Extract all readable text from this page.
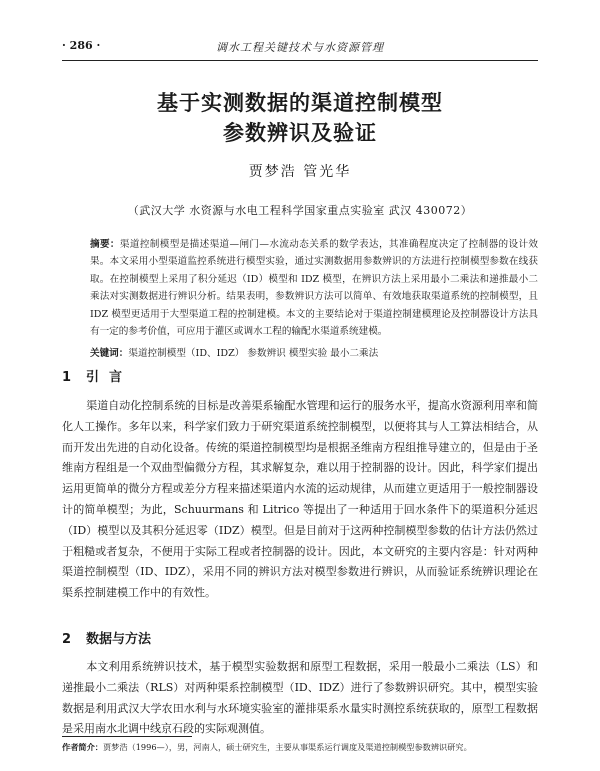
· 286 ·	调水工程关键技术与水资源管理
基于实测数据的渠道控制模型
参数辨识及验证
贾梦浩 管光华
（武汉大学 水资源与水电工程科学国家重点实验室 武汉 430072）
摘要：渠道控制模型是描述渠道—闸门—水流动态关系的数学表达，其准确程度决定了控制器的设计效果。本文采用小型渠道监控系统进行模型实验，通过实测数据用参数辨识的方法进行控制模型参数在线获取。在控制模型上采用了积分延迟（ID）模型和 IDZ 模型，在辨识方法上采用最小二乘法和递推最小二乘法对实测数据进行辨识分析。结果表明，参数辨识方法可以简单、有效地获取渠道系统的控制模型，且 IDZ 模型更适用于大型渠道工程的控制建模。本文的主要结论对于渠道控制建模理论及控制器设计方法具有一定的参考价值，可应用于灌区或调水工程的输配水渠道系统建模。
关键词：渠道控制模型（ID、IDZ） 参数辨识 模型实验 最小二乘法
1 引言
渠道自动化控制系统的目标是改善渠系输配水管理和运行的服务水平，提高水资源利用率和简化人工操作。多年以来，科学家们致力于研究渠道系统控制模型，以便将其与人工算法相结合，从而开发出先进的自动化设备。传统的渠道控制模型均是根据圣维南方程组推导建立的，但是由于圣维南方程组是一个双曲型偏微分方程，其求解复杂，难以用于控制器的设计。因此，科学家们提出运用更简单的微分方程或差分方程来描述渠道内水流的运动规律，从而建立更适用于一般控制器设计的简单模型；为此，Schuurmans 和 Litrico 等提出了一种适用于回水条件下的渠道积分延迟（ID）模型以及其积分延迟零（IDZ）模型。但是目前对于这两种控制模型参数的估计方法仍然过于粗糙或者复杂，不便用于实际工程或者控制器的设计。因此，本文研究的主要内容是：针对两种渠道控制模型（ID、IDZ），采用不同的辨识方法对模型参数进行辨识，从而验证系统辨识理论在渠系控制建模工作中的有效性。
2 数据与方法
本文利用系统辨识技术，基于模型实验数据和原型工程数据，采用一般最小二乘法（LS）和递推最小二乘法（RLS）对两种渠系控制模型（ID、IDZ）进行了参数辨识研究。其中，模型实验数据是利用武汉大学农田水利与水环境实验室的灌排渠系水量实时测控系统获取的，原型工程数据是采用南水北调中线京石段的实际观测值。
作者简介：贾梦浩（1996—），男，河南人，硕士研究生，主要从事渠系运行调度及渠道控制模型参数辨识研究。
